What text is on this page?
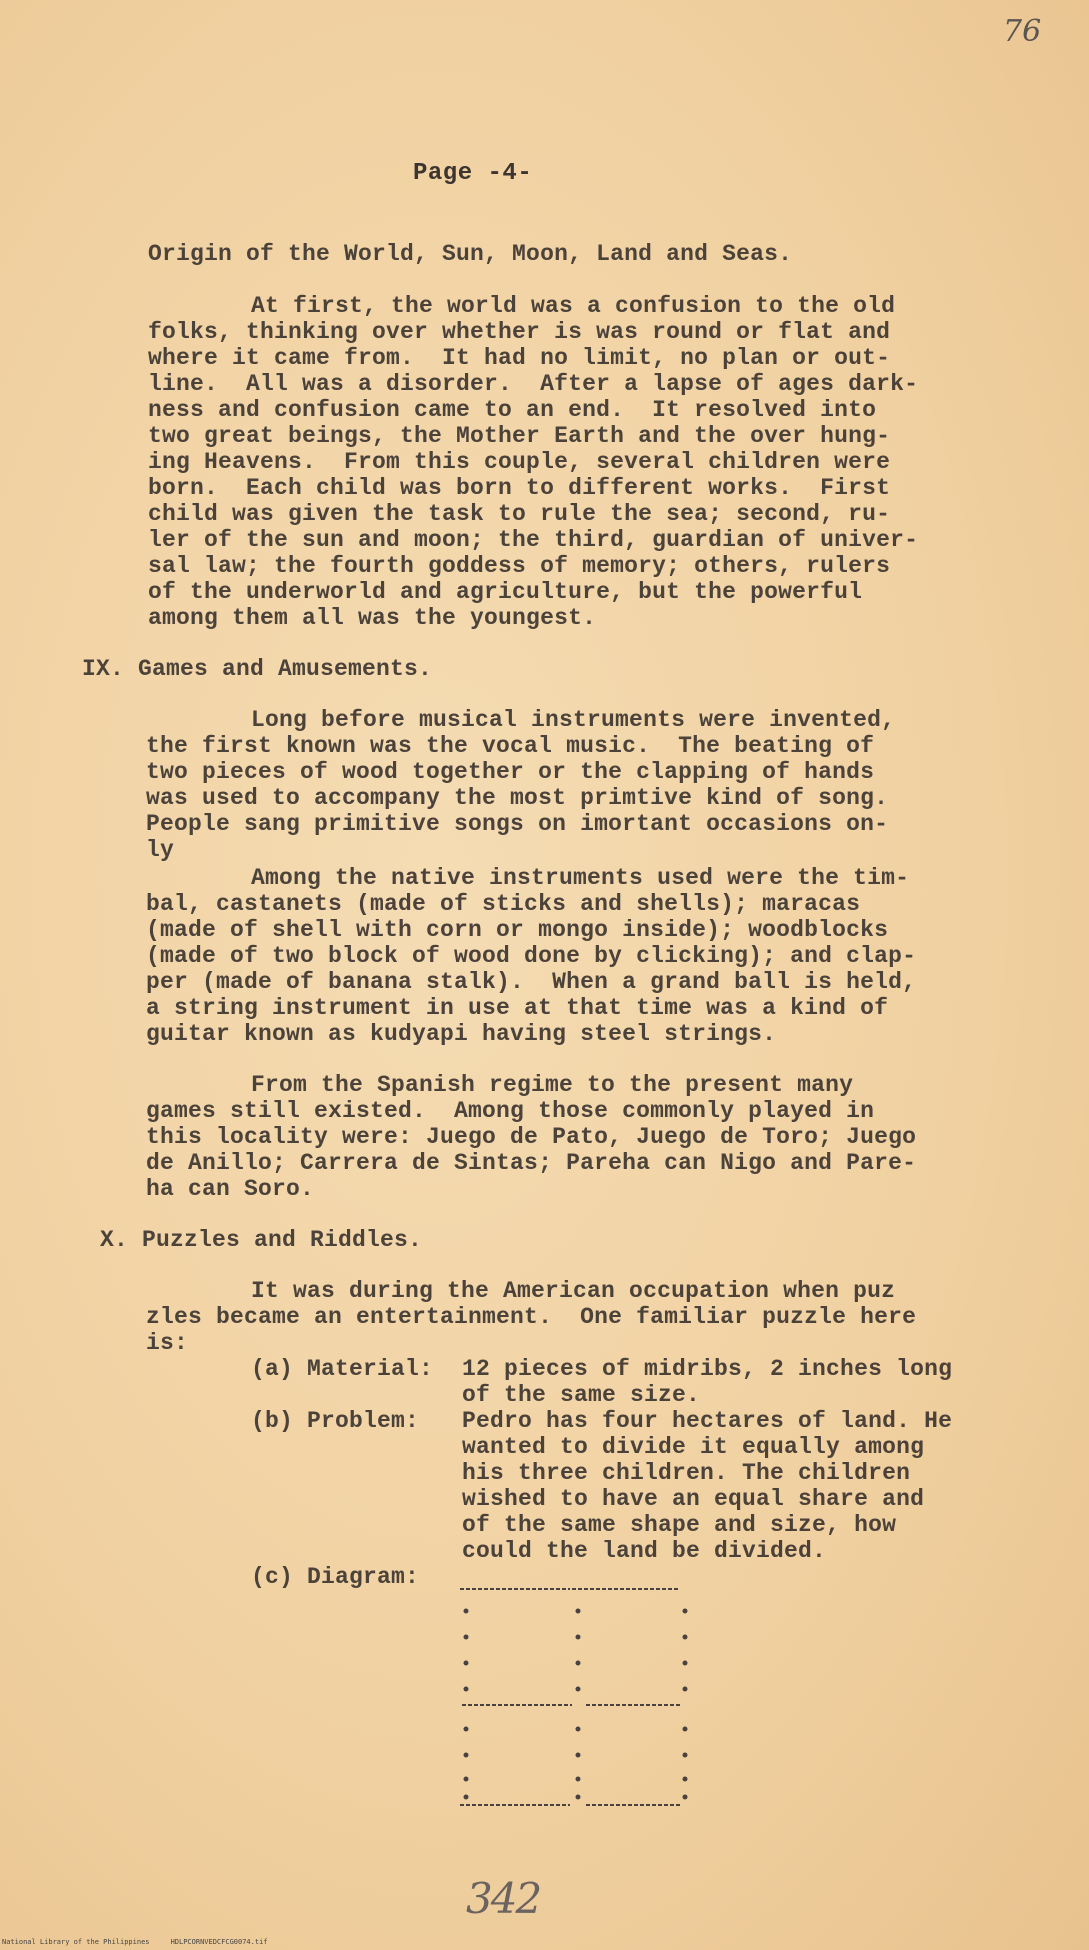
76
Page -4-

Origin of the World, Sun, Moon, Land and Seas.

At first, the world was a confusion to the old

folks, thinking over whether is was round or flat and

where it came from.  It had no limit, no plan or out-

line.  All was a disorder.  After a lapse of ages dark-

ness and confusion came to an end.  It resolved into

two great beings, the Mother Earth and the over hung-

ing Heavens.  From this couple, several children were

born.  Each child was born to different works.  First

child was given the task to rule the sea; second, ru-

ler of the sun and moon; the third, guardian of univer-

sal law; the fourth goddess of memory; others, rulers

of the underworld and agriculture, but the powerful

among them all was the youngest.

IX. Games and Amusements.

Long before musical instruments were invented,

the first known was the vocal music.  The beating of

two pieces of wood together or the clapping of hands

was used to accompany the most primtive kind of song.

People sang primitive songs on imortant occasions on-

ly

Among the native instruments used were the tim-

bal, castanets (made of sticks and shells); maracas

(made of shell with corn or mongo inside); woodblocks

(made of two block of wood done by clicking); and clap-

per (made of banana stalk).  When a grand ball is held,

a string instrument in use at that time was a kind of

guitar known as kudyapi having steel strings.

From the Spanish regime to the present many

games still existed.  Among those commonly played in

this locality were: Juego de Pato, Juego de Toro; Juego

de Anillo; Carrera de Sintas; Pareha can Nigo and Pare-

ha can Soro.

X. Puzzles and Riddles.

It was during the American occupation when puz

zles became an entertainment.  One familiar puzzle here

is:

(a) Material:

12 pieces of midribs, 2 inches long

of the same size.

(b) Problem:

Pedro has four hectares of land. He

wanted to divide it equally among

his three children. The children

wished to have an equal share and

of the same shape and size, how

could the land be divided.

(c) Diagram:

342
National Library of the Philippines     HDLPCORNVEDCFCG0074.tif
